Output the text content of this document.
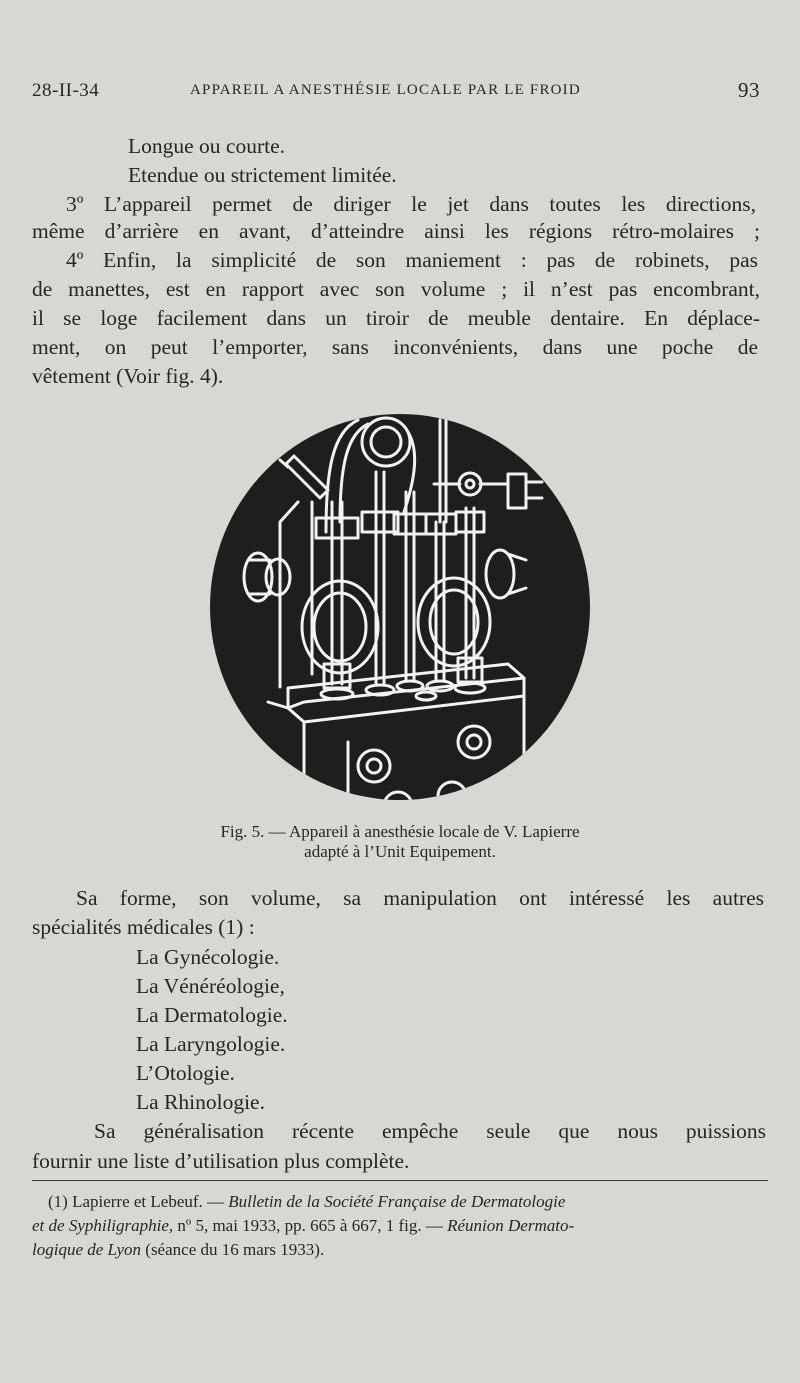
28-II-34	APPAREIL A ANESTHÉSIE LOCALE PAR LE FROID	93
Longue ou courte.
Etendue ou strictement limitée.
3º L’appareil permet de diriger le jet dans toutes les directions,
même d’arrière en avant, d’atteindre ainsi les régions rétro-molaires ;
4º Enfin, la simplicité de son maniement : pas de robinets, pas
de manettes, est en rapport avec son volume ; il n’est pas encombrant,
il se loge facilement dans un tiroir de meuble dentaire. En déplace-
ment, on peut l’emporter, sans inconvénients, dans une poche de
vêtement (Voir fig. 4).
Fig. 5. — Appareil à anesthésie locale de V. Lapierre
adapté à l’Unit Equipement.
Sa forme, son volume, sa manipulation ont intéressé les autres
spécialités médicales (1) :
La Gynécologie.
La Vénéréologie,
La Dermatologie.
La Laryngologie.
L’Otologie.
La Rhinologie.
Sa généralisation récente empêche seule que nous puissions
fournir une liste d’utilisation plus complète.
(1) Lapierre et Lebeuf. — Bulletin de la Société Française de Dermatologie
et de Syphiligraphie, nº 5, mai 1933, pp. 665 à 667, 1 fig. — Réunion Dermato-
logique de Lyon (séance du 16 mars 1933).
